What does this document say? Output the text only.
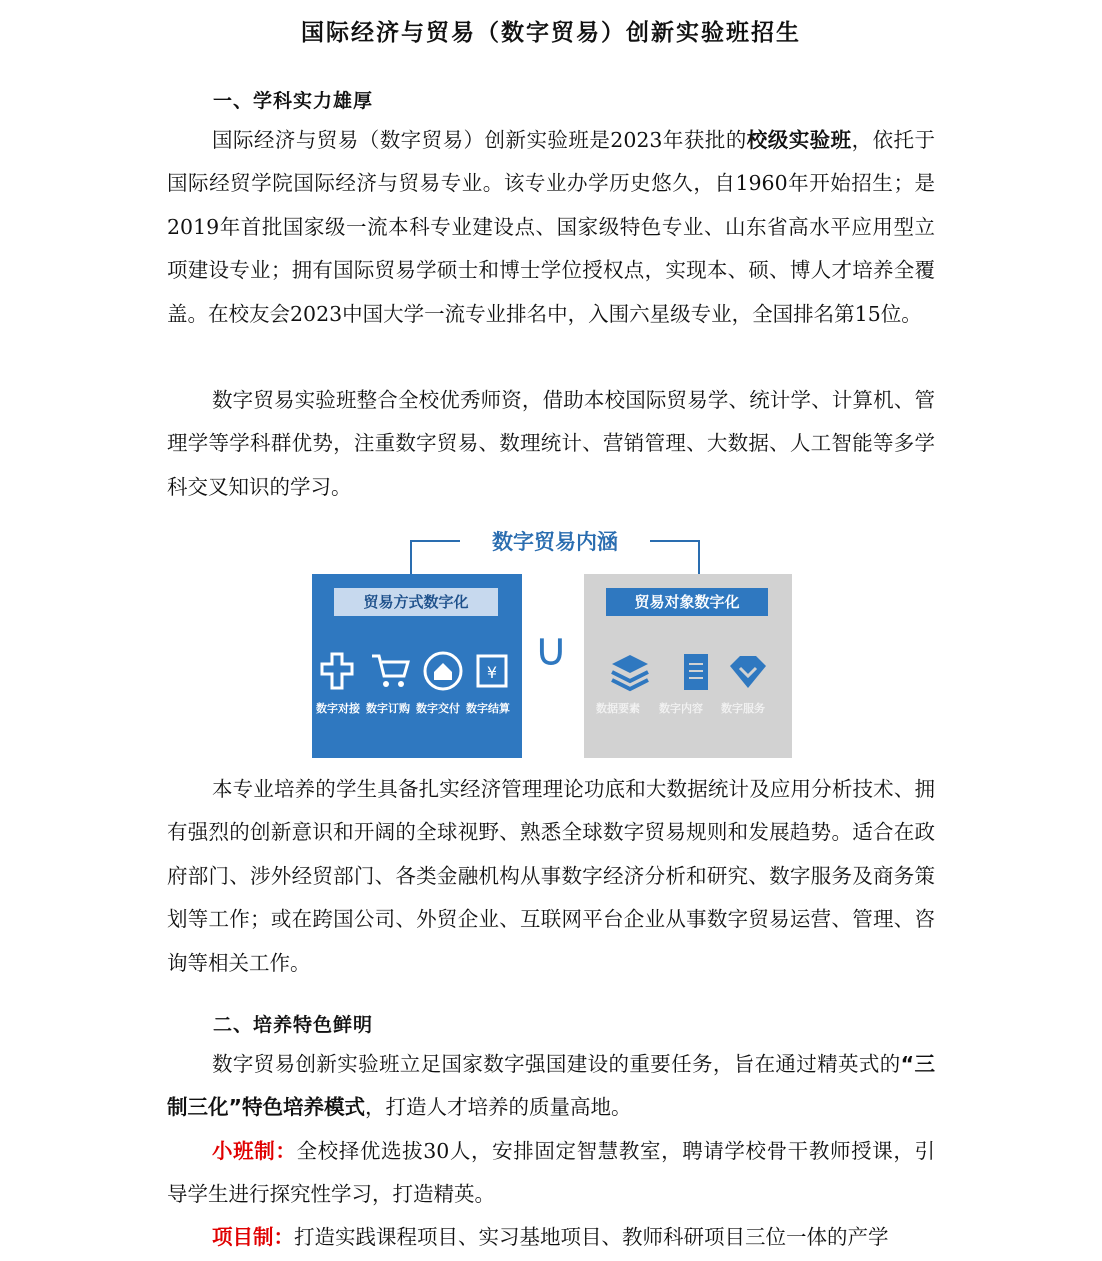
国际经济与贸易（数字贸易）创新实验班招生
一、学科实力雄厚

国际经济与贸易（数字贸易）创新实验班是2023年获批的校级实验班，依托于国际经贸学院国际经济与贸易专业。该专业办学历史悠久，自1960年开始招生；是2019年首批国家级一流本科专业建设点、国家级特色专业、山东省高水平应用型立项建设专业；拥有国际贸易学硕士和博士学位授权点，实现本、硕、博人才培养全覆盖。在校友会2023中国大学一流专业排名中，入围六星级专业，全国排名第15位。

数字贸易实验班整合全校优秀师资，借助本校国际贸易学、统计学、计算机、管理学等学科群优势，注重数字贸易、数理统计、营销管理、大数据、人工智能等多学科交叉知识的学习。

数字贸易内涵
贸易方式数字化
¥
数字对接 数字订购 数字交付 数字结算
∪
贸易对象数字化
数据要素 数字内容 数字服务

本专业培养的学生具备扎实经济管理理论功底和大数据统计及应用分析技术、拥有强烈的创新意识和开阔的全球视野、熟悉全球数字贸易规则和发展趋势。适合在政府部门、涉外经贸部门、各类金融机构从事数字经济分析和研究、数字服务及商务策划等工作；或在跨国公司、外贸企业、互联网平台企业从事数字贸易运营、管理、咨询等相关工作。

二、培养特色鲜明

数字贸易创新实验班立足国家数字强国建设的重要任务，旨在通过精英式的“三制三化”特色培养模式，打造人才培养的质量高地。

小班制：全校择优选拔30人，安排固定智慧教室，聘请学校骨干教师授课，引导学生进行探究性学习，打造精英。

项目制：打造实践课程项目、实习基地项目、教师科研项目三位一体的产学
